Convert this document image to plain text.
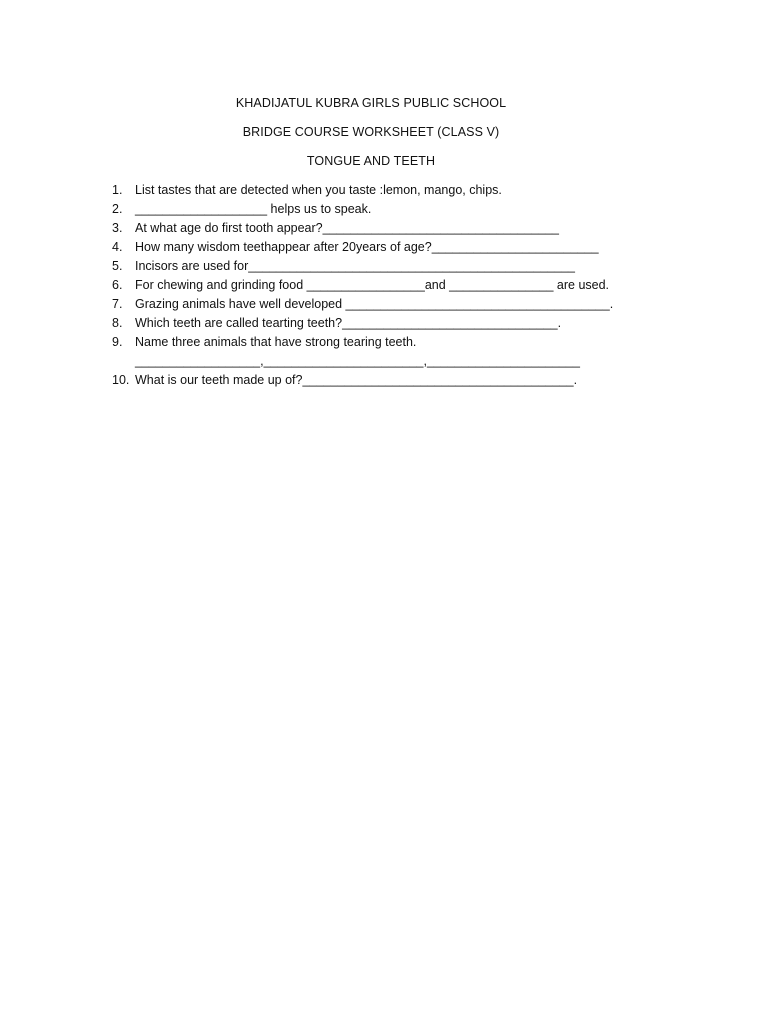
KHADIJATUL KUBRA GIRLS PUBLIC SCHOOL
BRIDGE COURSE WORKSHEET (CLASS V)
TONGUE AND TEETH
1. List tastes that are detected when you taste :lemon, mango, chips.
2. ___________________ helps us to speak.
3. At what age do first tooth appear?__________________________________
4. How many wisdom teethappear after 20years of age?________________________
5. Incisors are used for_______________________________________________
6. For chewing and grinding food _________________and _______________ are used.
7. Grazing animals have well developed ______________________________________.
8. Which teeth are called tearting teeth?_______________________________.
9. Name three animals that have strong tearing teeth.
__________________,_______________________,______________________
10. What is our teeth made up of?_______________________________________.
